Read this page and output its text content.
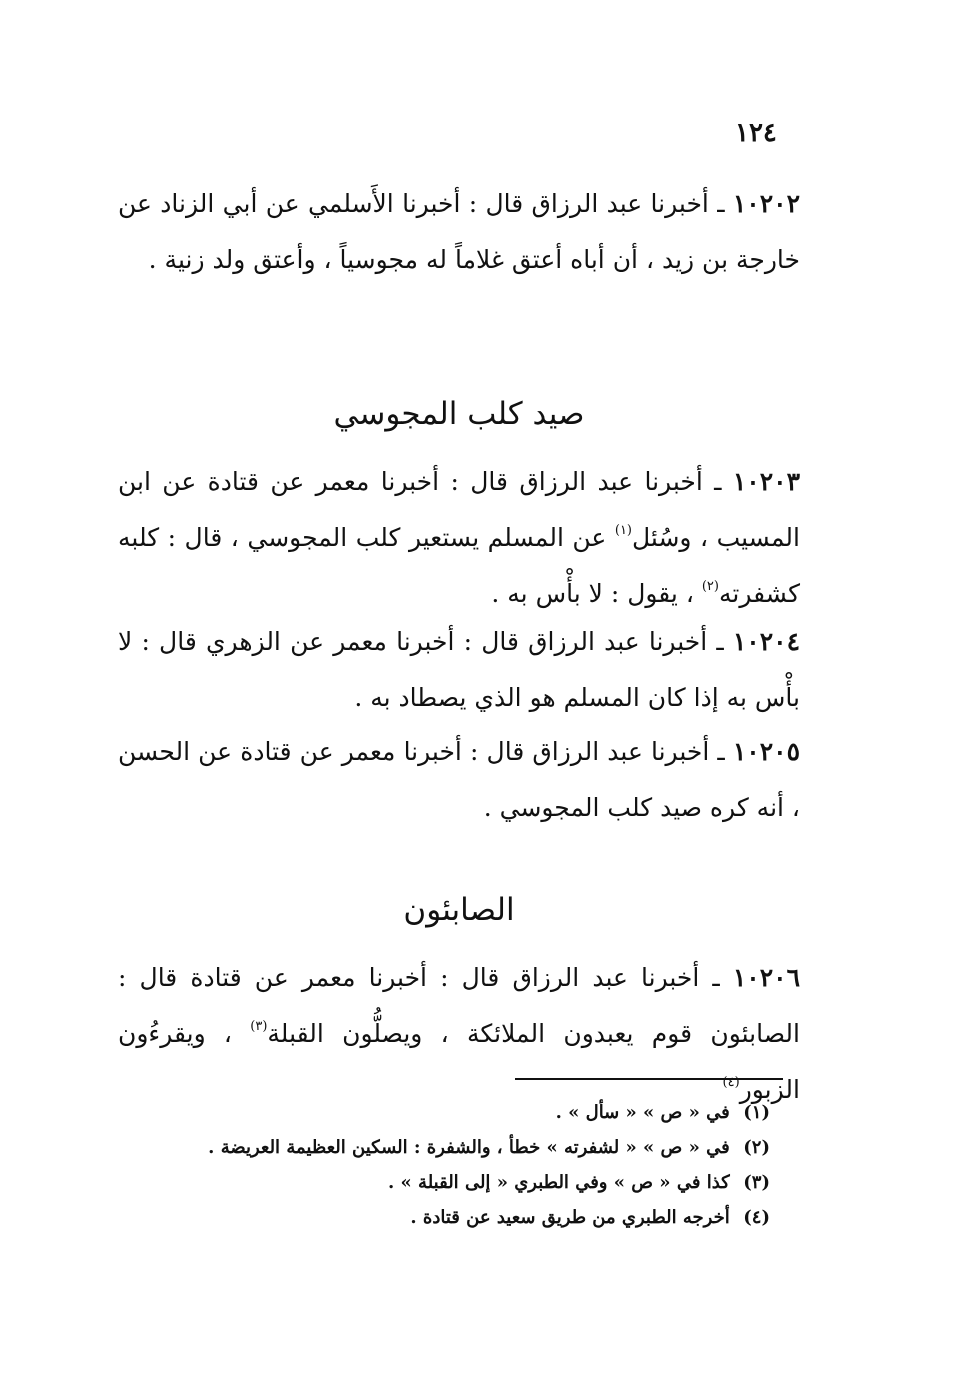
١٢٤
١٠٢٠٢ ـ أخبرنا عبد الرزاق قال : أخبرنا الأَسلمي عن أبي الزناد عن خارجة بن زيد ، أن أباه أعتق غلاماً له مجوسياً ، وأعتق ولد زنية .
صيد كلب المجوسي
١٠٢٠٣ ـ أخبرنا عبد الرزاق قال : أخبرنا معمر عن قتادة عن ابن المسيب ، وسُئل$^{(١)}$ عن المسلم يستعير كلب المجوسي ، قال : كلبه كشفرته$^{(٢)}$ ، يقول : لا بأْس به .
١٠٢٠٤ ـ أخبرنا عبد الرزاق قال : أخبرنا معمر عن الزهري قال : لا بأْس به إذا كان المسلم هو الذي يصطاد به .
١٠٢٠٥ ـ أخبرنا عبد الرزاق قال : أخبرنا معمر عن قتادة عن الحسن ، أنه كره صيد كلب المجوسي .
الصابئون
١٠٢٠٦ ـ أخبرنا عبد الرزاق قال : أخبرنا معمر عن قتادة قال : الصابئون قوم يعبدون الملائكة ، ويصلُّون القبلة$^{(٣)}$ ، ويقرءُون الزبور$^{(٤)}$
(١) في « ص » « سأل » .
(٢) في « ص » « لشفرته » خطأ ، والشفرة : السكين العظيمة العريضة .
(٣) كذا في « ص » وفي الطبري « إلى القبلة » .
(٤) أخرجه الطبري من طريق سعيد عن قتادة .
